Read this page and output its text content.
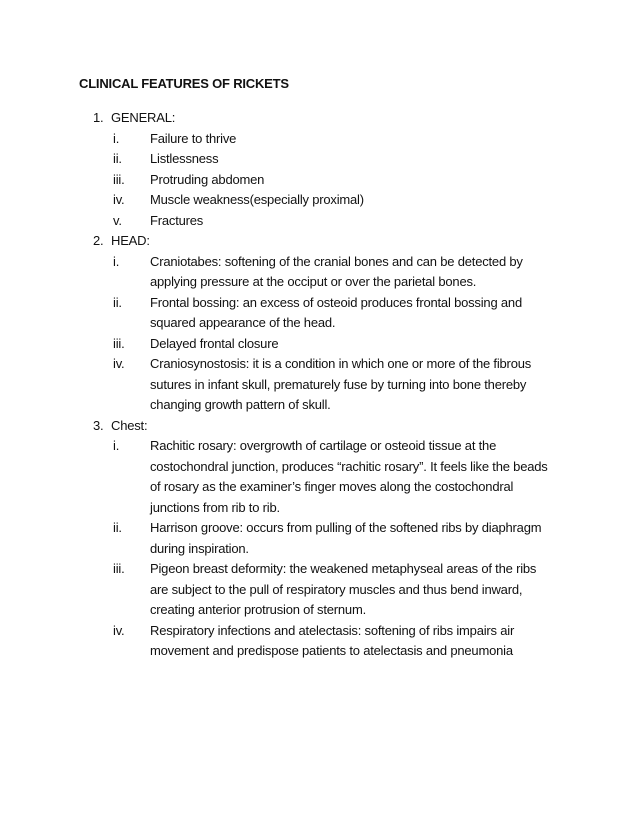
CLINICAL FEATURES OF RICKETS
1. GENERAL:
i. Failure to thrive
ii. Listlessness
iii. Protruding abdomen
iv. Muscle weakness(especially proximal)
v. Fractures
2. HEAD:
i. Craniotabes: softening of the cranial bones and can be detected by applying pressure at the occiput or over the parietal bones.
ii. Frontal bossing: an excess of osteoid produces frontal bossing and squared appearance of the head.
iii. Delayed frontal closure
iv. Craniosynostosis: it is a condition in which one or more of the fibrous sutures in infant skull, prematurely fuse by turning into bone thereby changing growth pattern of skull.
3. Chest:
i. Rachitic rosary: overgrowth of cartilage or osteoid tissue at the costochondral junction, produces “rachitic rosary”. It feels like the beads of rosary as the examiner’s finger moves along the costochondral junctions from rib to rib.
ii. Harrison groove: occurs from pulling of the softened ribs by diaphragm during inspiration.
iii. Pigeon breast deformity: the weakened metaphyseal areas of the ribs are subject to the pull of respiratory muscles and thus bend inward, creating anterior protrusion of sternum.
iv. Respiratory infections and atelectasis: softening of ribs impairs air movement and predispose patients to atelectasis and pneumonia
